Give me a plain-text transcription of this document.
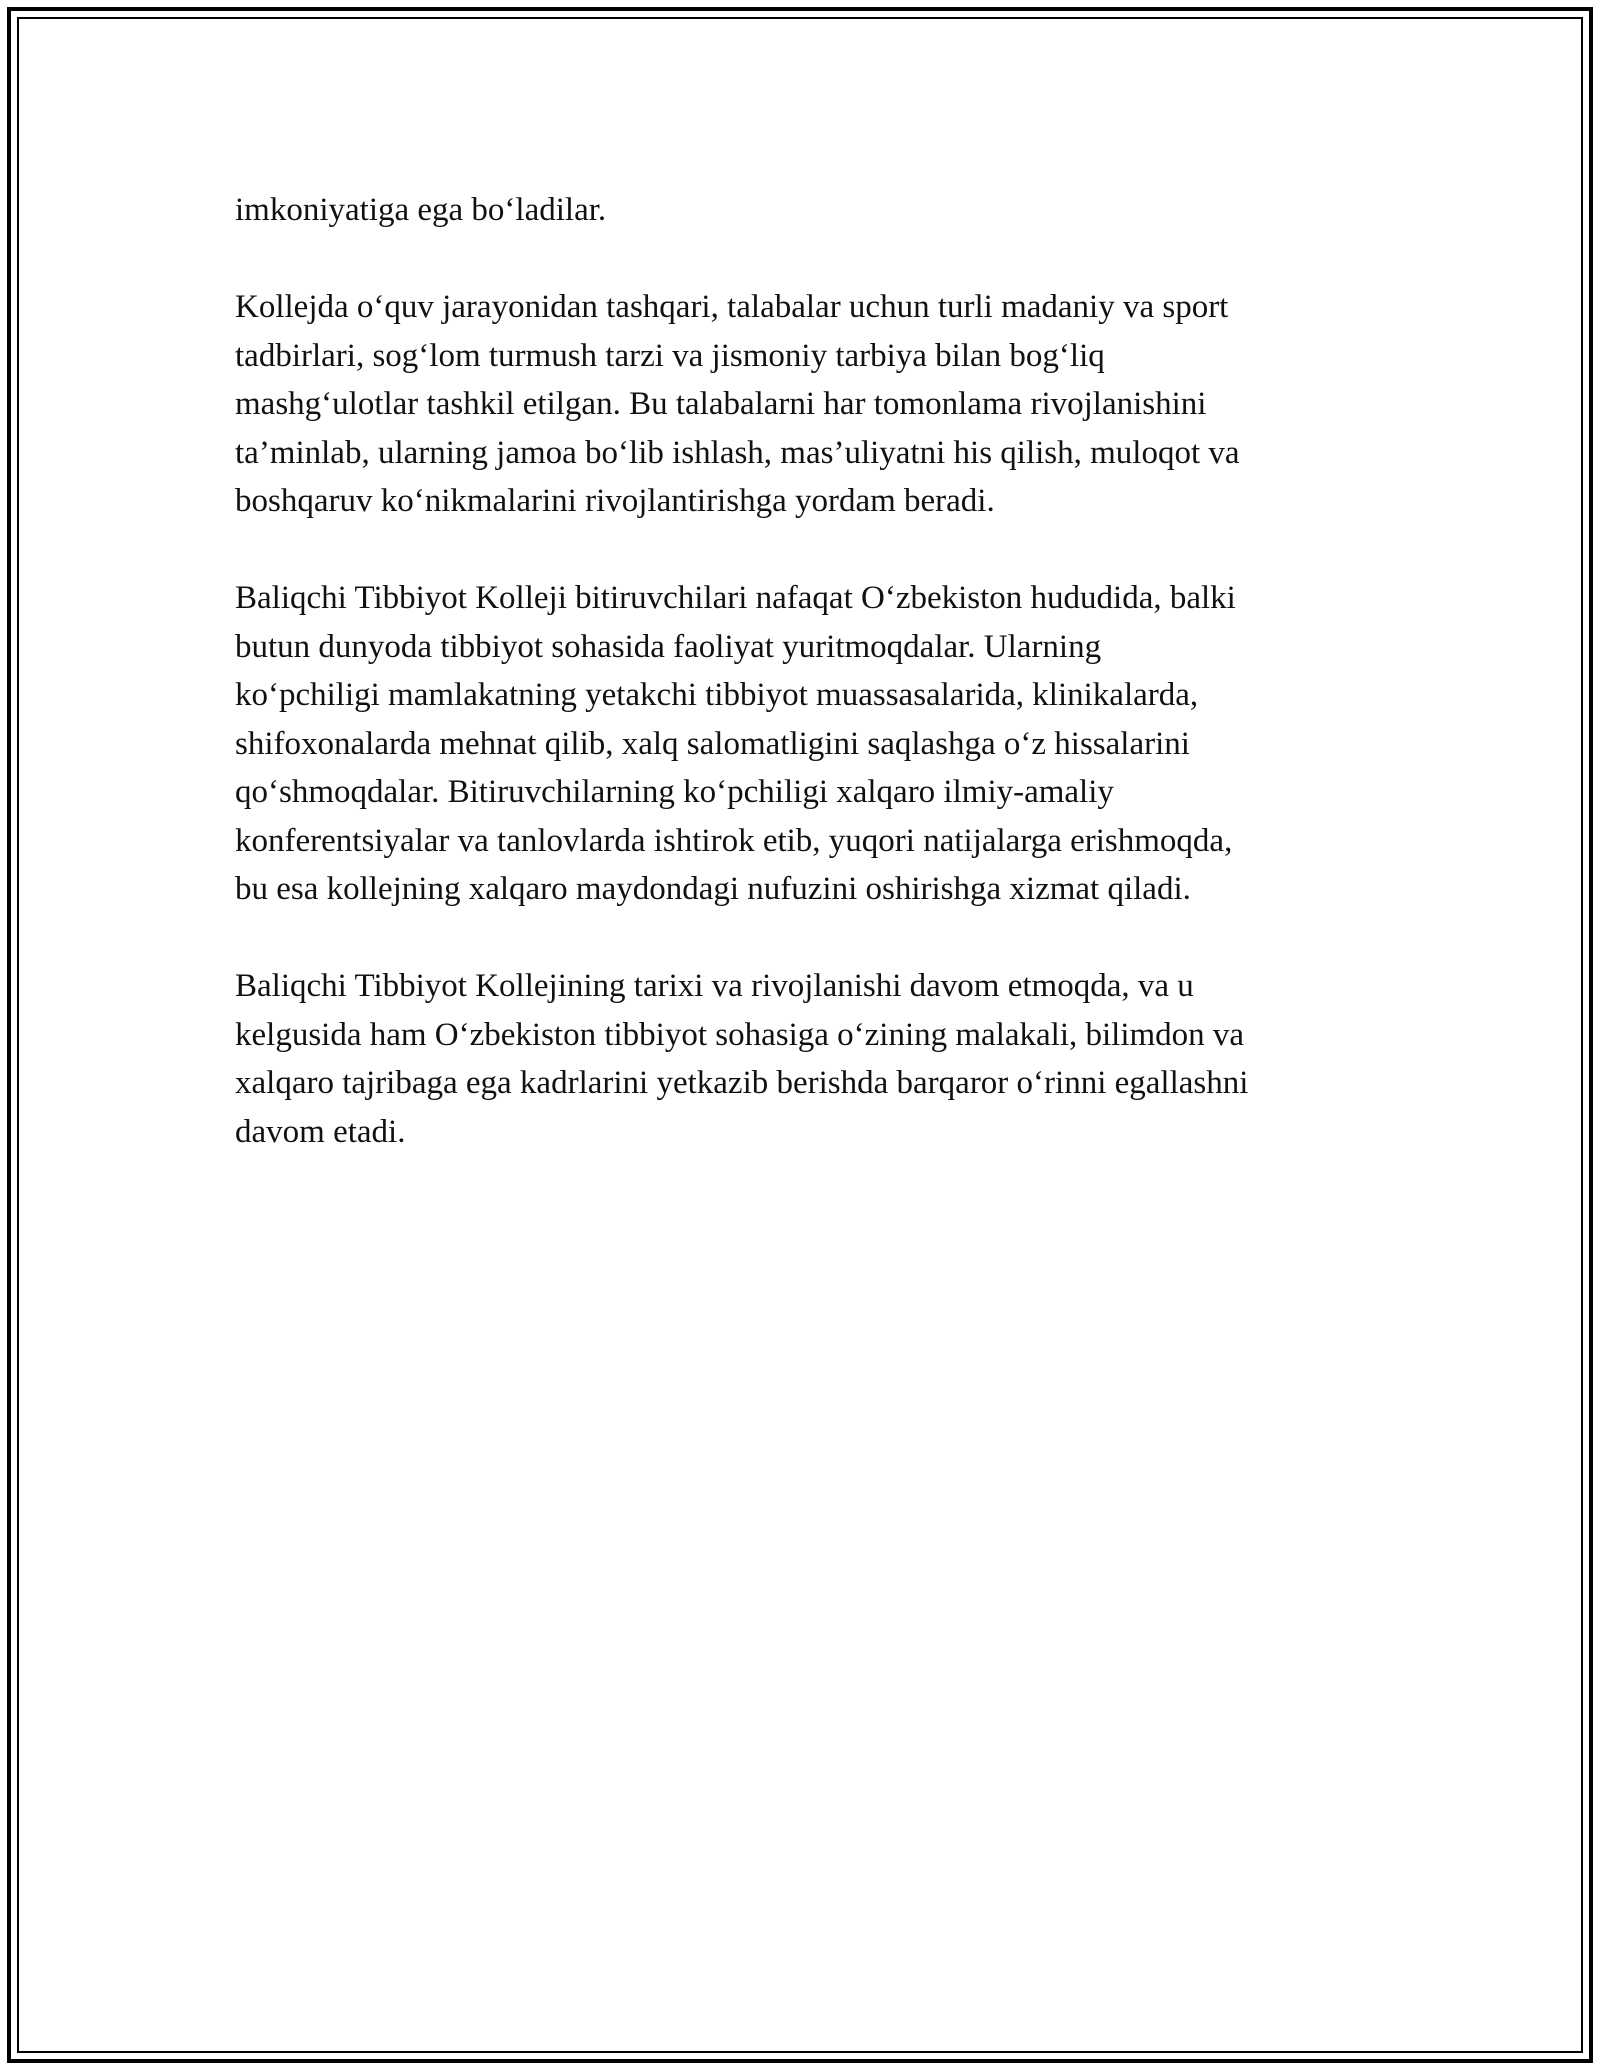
imkoniyatiga ega bo‘ladilar.

Kollejda o‘quv jarayonidan tashqari, talabalar uchun turli madaniy va sport
tadbirlari, sog‘lom turmush tarzi va jismoniy tarbiya bilan bog‘liq
mashg‘ulotlar tashkil etilgan. Bu talabalarni har tomonlama rivojlanishini
ta’minlab, ularning jamoa bo‘lib ishlash, mas’uliyatni his qilish, muloqot va
boshqaruv ko‘nikmalarini rivojlantirishga yordam beradi.

Baliqchi Tibbiyot Kolleji bitiruvchilari nafaqat O‘zbekiston hududida, balki
butun dunyoda tibbiyot sohasida faoliyat yuritmoqdalar. Ularning
ko‘pchiligi mamlakatning yetakchi tibbiyot muassasalarida, klinikalarda,
shifoxonalarda mehnat qilib, xalq salomatligini saqlashga o‘z hissalarini
qo‘shmoqdalar. Bitiruvchilarning ko‘pchiligi xalqaro ilmiy-amaliy
konferentsiyalar va tanlovlarda ishtirok etib, yuqori natijalarga erishmoqda,
bu esa kollejning xalqaro maydondagi nufuzini oshirishga xizmat qiladi.

Baliqchi Tibbiyot Kollejining tarixi va rivojlanishi davom etmoqda, va u
kelgusida ham O‘zbekiston tibbiyot sohasiga o‘zining malakali, bilimdon va
xalqaro tajribaga ega kadrlarini yetkazib berishda barqaror o‘rinni egallashni
davom etadi.
